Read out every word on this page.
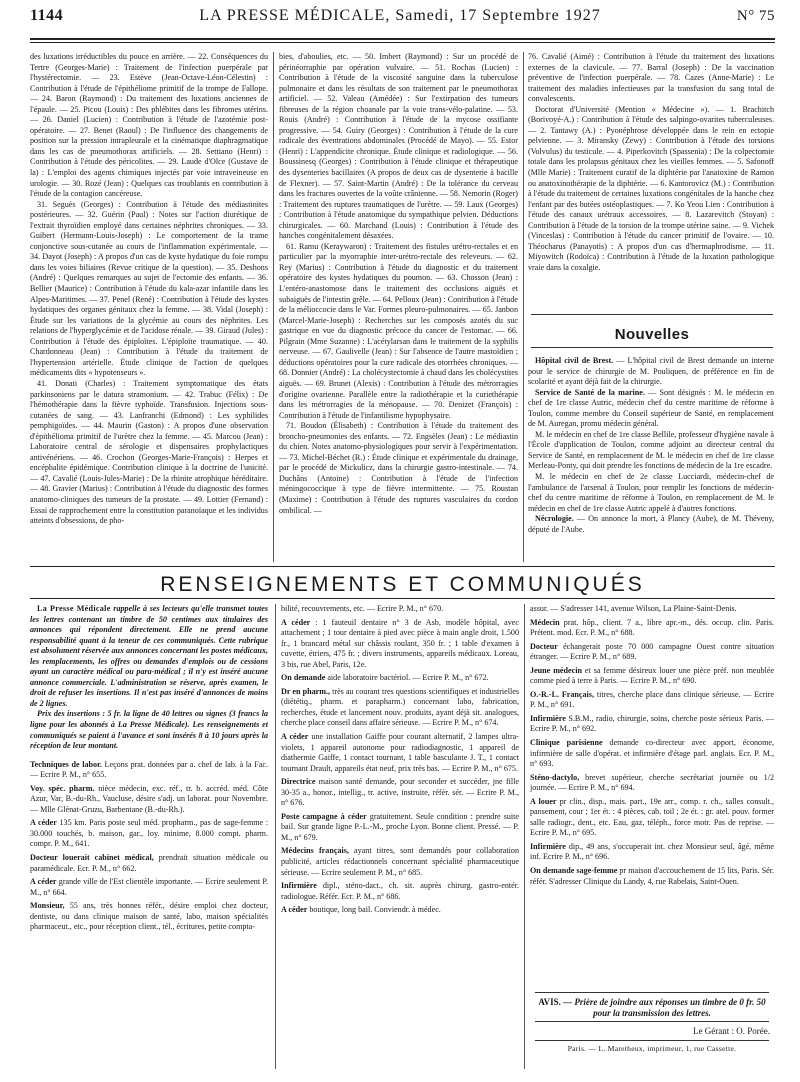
1144	LA PRESSE MÉDICALE, Samedi, 17 Septembre 1927	N° 75

des luxations irréductibles du pouce en arrière. — 22. Conséquences du Tertre (Georges-Marie) : Traitement de l'infection puerpérale par l'hystérectomie. — 23. Estève (Jean-Octave-Léon-Célestin) : Contribution à l'étude de l'épithéliome primitif de la trompe de Fallope. — 24. Baron (Raymond) : Du traitement des luxations anciennes de l'épaule. — 25. Picou (Louis) : Des phlébites dans les fibromes utérins. — 26. Daniel (Lucien) : Contribution à l'étude de l'azotémie post-opératoire. — 27. Benet (Raoul) : De l'influence des changements de position sur la pression intrapleurale et la cinématique diaphragmatique dans les cas de pneumothorax artificiels. — 28. Settiano (Henri) : Contribution à l'étude des péricolites. — 29. Laude d'Olce (Gustave de la) : L'emploi des agents chimiques injectés par voie intraveineuse en urologie. — 30. Rozé (Jean) : Quelques cas troublants en contribution à l'étude de la contagion cancéreuse.

31. Seguès (Georges) : Contribution à l'étude des médiastinites postérieures. — 32. Guérin (Paul) : Notes sur l'action diurétique de l'extrait thyroïdien employé dans certaines néphrites chroniques. — 33. Guibert (Hermann-Louis-Joseph) : Le comportement de la trame conjonctive sous-cutanée au cours de l'inflammation expérimentale. — 34. Dayot (Joseph) : A propos d'un cas de kyste hydatique du foie rompu dans les voies biliaires (Revue critique de la question). — 35. Deshons (André) : Quelques remarques au sujet de l'ectomie des enfants. — 36. Bellier (Maurice) : Contribution à l'étude du kala-azar infantile dans les Alpes-Maritimes. — 37. Penel (René) : Contribution à l'étude des kystes hydatiques des organes génitaux chez la femme. — 38. Vidal (Joseph) : Étude sur les variations de la glycémie au cours des néphrites. Les relations de l'hyperglycémie et de l'acidose rénale. — 39. Giraud (Jules) : Contribution à l'étude des épiploïtes. L'épiploïte traumatique. — 40. Chardonneau (Jean) : Contribution à l'étude du traitement de l'hypertension artérielle. Étude clinique de l'action de quelques médicaments dits « hypotenseurs ».

41. Donati (Charles) : Traitement symptomatique des états parkinsoniens par le datura stramonium. — 42. Trabuc (Félix) : De l'hémothérapie dans la fièvre typhoïde. Transfusion. Injections sous-cutanées de sang. — 43. Lanfranchi (Edmond) : Les syphilides pemphigoïdes. — 44. Maurin (Gaston) : A propos d'une observation d'épithélioma primitif de l'urètre chez la femme. — 45. Marcou (Jean) : Laboratoire central de sérologie et dispensaires prophylactiques antivénériens. — 46. Crochon (Georges-Marie-François) : Herpes et encéphalite épidémique. Contribution clinique à la doctrine de l'unicité. — 47. Cavalié (Louis-Jules-Marie) : De la rhinite atrophique héréditaire. — 48. Gravier (Marius) : Contribution à l'étude du diagnostic des formes anatomo-cliniques des tumeurs de la prostate. — 49. Lottier (Fernand) : Essai de rapprochement entre la constitution paranoïaque et les individus atteints d'obsessions, de pho-

bies, d'aboulies, etc. — 50. Imbert (Raymond) : Sur un procédé de périnéorraphie par opération vulvaire. — 51. Rochas (Lucien) : Contribution à l'étude de la viscosité sanguine dans la tuberculose pulmonaire et dans les résultats de son traitement par le pneumothorax artificiel. — 52. Valeau (Amédée) : Sur l'extirpation des tumeurs fibreuses de la région choanale par la voie trans-vélo-palatine. — 53. Rouis (André) : Contribution à l'étude de la mycose ossifiante progressive. — 54. Guiry (Georges) : Contribution à l'étude de la cure radicale des éventrations abdominales (Procédé de Mayo). — 55. Estor (Henri) : L'appendicite chronique. Étude clinique et radiologique. — 56. Boussinesq (Georges) : Contribution à l'étude clinique et thérapeutique des dysenteries bacillaires (A propos de deux cas de dysenterie à bacille de Flexner). — 57. Saint-Martin (André) : De la tolérance du cerveau dans les fractures ouvertes de la voûte crânienne. — 58. Nemorin (Roger) : Traitement des ruptures traumatiques de l'urètre. — 59. Laux (Georges) : Contribution à l'étude anatomique du sympathique pelvien. Déductions chirurgicales. — 60. Marchand (Louis) : Contribution à l'étude des hanches congénitalement désaxées.

61. Ramu (Keraywaron) : Traitement des fistules urétro-rectales et en particulier par la myorraphie inter-urétro-rectale des releveurs. — 62. Rey (Marius) : Contribution à l'étude du diagnostic et du traitement opératoire des kystes hydatiques du poumon. — 63. Chosson (Jean) : L'entéro-anastomose dans le traitement des occlusions aiguës et subaiguës de l'intestin grêle. — 64. Pelloux (Jean) : Contribution à l'étude de la mélioccocie dans le Var. Formes pleuro-pulmonaires. — 65. Janbon (Marcel-Marie-Joseph) : Recherches sur les composés azotés du suc gastrique en vue du diagnostic précoce du cancer de l'estomac. — 66. Pilgrain (Mme Suzanne) : L'acétylarsan dans le traitement de la syphilis nerveuse. — 67. Gaulivelle (Jean) : Sur l'absence de l'autre mastoïdien ; déductions opératoires pour la cure radicale des otorrhées chroniques. — 68. Donnier (André) : La cholécystectomie à chaud dans les cholécystites aiguës. — 69. Brunet (Alexis) : Contribution à l'étude des métrorragies d'origine ovarienne. Parallèle entre la radiothérapie et la curiethérapie dans les métrorragies de la ménopause. — 70. Denizet (François) : Contribution à l'étude de l'infantilisme hypophysaire.

71. Boudon (Élisabeth) : Contribution à l'étude du traitement des broncho-pneumonies des enfants. — 72. Engsèles (Jean) : Le médiastin du chien. Notes anatomo-physiologiques pour servir à l'expérimentation. — 73. Michel-Béchet (R.) : Étude clinique et expérimentale du drainage, par le procédé de Mickulicz, dans la chirurgie gastro-intestinale. — 74. Duchâns (Antoine) : Contribution à l'étude de l'infection méningococcique à type de fièvre intermittente. — 75. Roustan (Maxime) : Contribution à l'étude des ruptures vasculaires du cordon ombilical. —

76. Cavalié (Aimé) : Contribution à l'étude du traitement des luxations externes de la clavicule. — 77. Barral (Joseph) : De la vaccination préventive de l'infection puerpérale. — 78. Cazes (Anne-Marie) : Le traitement des maladies infectieuses par la transfusion du sang total de convalescents.

Doctorat d'Université (Mention « Médecine »). — 1. Brachitch (Borivoyé-A.) : Contribution à l'étude des salpingo-ovarites tuberculeuses. — 2. Tantawy (A.) : Pyonéphrose développée dans le rein en ectopie pelvienne. — 3. Miransky (Zewy) : Contribution à l'étude des torsions (Volvulus) du testicule. — 4. Piperkovitch (Spassenia) : De la colpectomie totale dans les prolapsus génitaux chez les vieilles femmes. — 5. Safonoff (Mlle Marie) : Traitement curatif de la diphtérie par l'anatoxine de Ramon ou anatoxinothérapie de la diphtérie. — 6. Kantorovicz (M.) : Contribution à l'étude du traitement de certaines luxations congénitales de la hanche chez l'enfant par des butées ostéoplastiques. — 7. Ko Yeou Lien : Contribution à l'étude des canaux urétraux accessoires. — 8. Lazarevitch (Stoyan) : Contribution à l'étude de la torsion de la trompe utérine saine. — 9. Vichek (Vinceslas) : Contribution à l'étude du cancer primitif de l'ovaire. — 10. Théocharus (Panayotis) : A propos d'un cas d'hermaphrodisme. — 11. Miyowitch (Rodoïca) : Contribution à l'étude de la luxation pathologique vraie dans la coxalgie.

Nouvelles

Hôpital civil de Brest. — L'hôpital civil de Brest demande un interne pour le service de chirurgie de M. Pouliquen, de préférence en fin de scolarité et ayant déjà fait de la chirurgie.

Service de Santé de la marine. — Sont désignés : M. le médecin en chef de 1re classe Autric, médecin chef du centre maritime de réforme à Toulon, comme membre du Conseil supérieur de Santé, en remplacement de M. Auregan, promu médecin général.

M. le médecin en chef de 1re classe Bellile, professeur d'hygiène navale à l'École d'application de Toulon, comme adjoint au directeur central du Service de Santé, en remplacement de M. le médecin en chef de 1re classe Merleau-Ponty, qui doit prendre les fonctions de médecin de la 1re escadre.

M. le médecin en chef de 2e classe Lucciardi, médecin-chef de l'ambulance de l'arsenal à Toulon, pour remplir les fonctions de médecin-chef du centre maritime de réforme à Toulon, en remplacement de M. le médecin en chef de 1re classe Autric appelé à d'autres fonctions.

Nécrologie. — On annonce la mort, à Plancy (Aube), de M. Théveny, député de l'Aube.

RENSEIGNEMENTS ET COMMUNIQUÉS

La Presse Médicale rappelle à ses lecteurs qu'elle transmet toutes les lettres contenant un timbre de 50 centimes aux titulaires des annonces qui répondent directement. Elle ne prend aucune responsabilité quant à la teneur de ces communiqués. Cette rubrique est absolument réservée aux annonces concernant les postes médicaux, les remplacements, les offres ou demandes d'emplois ou de cessions ayant un caractère médical ou para-médical ; il n'y est inséré aucune annonce commerciale. L'administration se réserve, après examen, le droit de refuser les insertions. Il n'est pas inséré d'annonces de moins de 2 lignes.

Prix des insertions : 5 fr. la ligne de 40 lettres ou signes (3 francs la ligne pour les abonnés à La Presse Médicale). Les renseignements et communiqués se paient à l'avance et sont insérés 8 à 10 jours après la réception de leur montant.

Techniques de labor. Leçons prat. données par a. chef de lab. à la Fac. — Ecrire P. M., n° 655.

Voy. spéc. pharm. nièce médecin, exc. réf., tr. b. accréd. méd. Côte Azur, Var, B.-du-Rh., Vaucluse, désire s'adj. un laborat. pour Novembre. — Mlle Glénat-Gruzu, Barbentane (B.-du-Rh.).

A céder 135 km. Paris poste seul méd. propharm., pas de sage-femme : 30.000 touchés, b. maison, gar., loy. minime, 8.000 compt. pharm. compr. P. M., 641.

Docteur louerait cabinet médical, prendrait situation médicale ou paramédicale. Ecr. P. M., n° 662.

A céder grande ville de l'Est clientèle importante. — Ecrire seulement P. M., n° 664.

Monsieur, 55 ans, très bonnes référ., désire emploi chez docteur, dentiste, ou dans clinique maison de santé, labo, maison spécialités pharmaceut., etc., pour réception client., tél., écritures, petite compta-

bilité, recouvrements, etc. — Ecrire P. M., n° 670.

A céder : 1 fauteuil dentaire n° 3 de Asb, modèle hôpital, avec attachement ; 1 tour dentaire à pied avec pièce à main angle droit, 1.500 fr., 1 brancard métal sur châssis roulant, 350 fr. ; 1 table d'examen à cuvette, étriers, 475 fr. ; divers instruments, appareils médicaux. Loreau, 3 bis, rue Abel, Paris, 12e.

On demande aide laboratoire bactériol. — Ecrire P. M., n° 672.

Dr en pharm., très au courant tres questions scientifiques et industrielles (diététiq., pharm. et parapharm.) concernant labo, fabrication, recherches, étude et lancement nouv. produits, ayant déjà sit. analogues, cherche place conseil dans affaire sérieuse. — Ecrire P. M., n° 674.

A céder une installation Gaiffe pour courant alternatif, 2 lampes ultra-violets, 1 appareil autonome pour radiodiagnostic, 1 appareil de diathermie Gaiffe, 1 contact tournant, 1 table basculante J. T., 1 contact tournant Drault, appareils état neuf, prix très bas. — Ecrire P. M., n° 675.

Directrice maison santé demande, pour seconder et succéder, jne fille 30-35 a., honor., intellig., tr. active, instruite, référ. sér. — Ecrire P. M., n° 676.

Poste campagne à céder gratuitement. Seule condition : prendre suite bail. Sur grande ligne P.-L.-M., proche Lyon. Bonne client. Pressé. — P. M., n° 679.

Médecins français, ayant titres, sont demandés pour collaboration publicité, articles rédactionnels concernant spécialité pharmaceutique sérieuse. — Ecrire seulement P. M., n° 685.

Infirmière dipl., sténo-dact., ch. sit. auprès chirurg. gastro-entér. radiologue. Référ. Ecr. P. M., n° 686.

A céder boutique, long bail. Conviendr. à médec.

assur. — S'adresser 141, avenue Wilson, La Plaine-Saint-Denis.

Médecin prat. hôp., client. 7 a., libre apr.-m., dés. occup. clin. Paris. Prétent. mod. Ecr. P. M., n° 688.

Docteur échangerait poste 70 000 campagne Ouest contre situation étranger. — Ecrire P. M., n° 689.

Jeune médecin et sa femme désireux louer une pièce préf. non meublée comme pied à terre à Paris. — Ecrire P. M., n° 690.

O.-R.-L. Français, titres, cherche place dans clinique sérieuse. — Ecrire P. M., n° 691.

Infirmière S.B.M., radio, chirurgie, soins, cherche poste sérieux Paris. — Ecrire P. M., n° 692.

Clinique parisienne demande co-directeur avec apport, économe, infirmière de salle d'opérat. et infirmière d'étage parl. anglais. Ecr. P. M., n° 693.

Sténo-dactylo, brevet supérieur, cherche secrétariat journée ou 1/2 journée. — Ecrire P. M., n° 694.

A louer pr clin., disp., mais. part., 19e arr., comp. r. ch., salles consult., pansement, cour ; 1er ét. : 4 pièces, cab. toil ; 2e ét. : gr. atel. pouv. former salle radiogr., dent., etc. Eau, gaz, téléph., force motr. Pas de reprise. — Ecrire P. M., n° 695.

Infirmière dip., 49 ans, s'occuperait int. chez Monsieur seul, âgé, même inf. Ecrire P. M., n° 696.

On demande sage-femme pr maison d'accouchement de 15 lits, Paris. Sér. référ. S'adresser Clinique du Landy, 4, rue Rabelais, Saint-Ouen.

AVIS. — Prière de joindre aux réponses un timbre de 0 fr. 50 pour la transmission des lettres.
Le Gérant : O. Porée.
Paris. — L. Maretheux, imprimeur, 1, rue Cassette.
